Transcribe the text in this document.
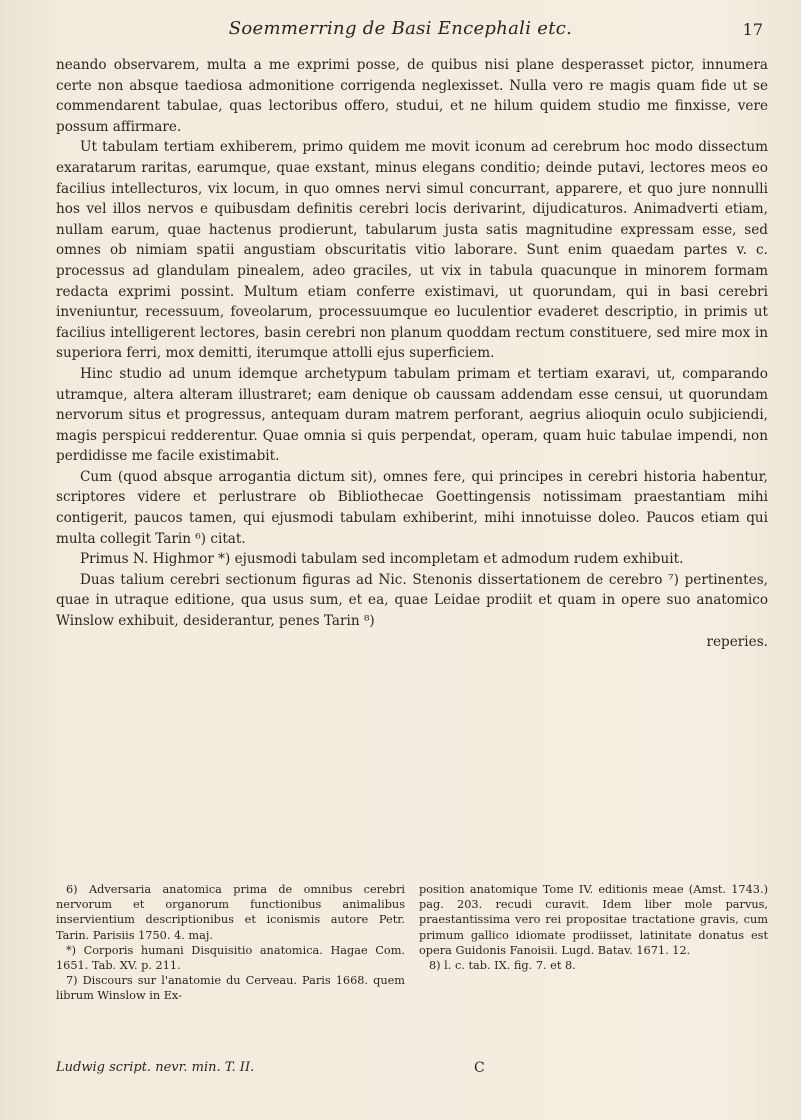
Soemmerring de Basi Encephali etc.	17

neando observarem, multa a me exprimi posse, de quibus nisi plane desperasset pictor, innumera certe non absque taediosa admonitione corrigenda neglexisset. Nulla vero re magis quam fide ut se commendarent tabulae, quas lectoribus offero, studui, et ne hilum quidem studio me finxisse, vere possum affirmare.

Ut tabulam tertiam exhiberem, primo quidem me movit iconum ad cerebrum hoc modo dissectum exaratarum raritas, earumque, quae exstant, minus elegans conditio; deinde putavi, lectores meos eo facilius intellecturos, vix locum, in quo omnes nervi simul concurrant, apparere, et quo jure nonnulli hos vel illos nervos e quibusdam definitis cerebri locis derivarint, dijudicaturos. Animadverti etiam, nullam earum, quae hactenus prodierunt, tabularum justa satis magnitudine expressam esse, sed omnes ob nimiam spatii angustiam obscuritatis vitio laborare. Sunt enim quaedam partes v. c. processus ad glandulam pinealem, adeo graciles, ut vix in tabula quacunque in minorem formam redacta exprimi possint. Multum etiam conferre existimavi, ut quorundam, qui in basi cerebri inveniuntur, recessuum, foveolarum, processuumque eo luculentior evaderet descriptio, in primis ut facilius intelligerent lectores, basin cerebri non planum quoddam rectum constituere, sed mire mox in superiora ferri, mox demitti, iterumque attolli ejus superficiem.

Hinc studio ad unum idemque archetypum tabulam primam et tertiam exaravi, ut, comparando utramque, altera alteram illustraret; eam denique ob caussam addendam esse censui, ut quorundam nervorum situs et progressus, antequam duram matrem perforant, aegrius alioquin oculo subjiciendi, magis perspicui redderentur. Quae omnia si quis perpendat, operam, quam huic tabulae impendi, non perdidisse me facile existimabit.

Cum (quod absque arrogantia dictum sit), omnes fere, qui principes in cerebri historia habentur, scriptores videre et perlustrare ob Bibliothecae Goettingensis notissimam praestantiam mihi contigerit, paucos tamen, qui ejusmodi tabulam exhiberint, mihi innotuisse doleo. Paucos etiam qui multa collegit Tarin ⁶) citat.

Primus N. Highmor *) ejusmodi tabulam sed incompletam et admodum rudem exhibuit.

Duas talium cerebri sectionum figuras ad Nic. Stenonis dissertationem de cerebro ⁷) pertinentes, quae in utraque editione, qua usus sum, et ea, quae Leidae prodiit et quam in opere suo anatomico Winslow exhibuit, desiderantur, penes Tarin ⁸)

reperies.

6) Adversaria anatomica prima de omnibus cerebri nervorum et organorum functionibus animalibus inservientium descriptionibus et iconismis autore Petr. Tarin. Parisiis 1750. 4. maj.

*) Corporis humani Disquisitio anatomica. Hagae Com. 1651. Tab. XV. p. 211.

7) Discours sur l'anatomie du Cerveau. Paris 1668. quem librum Winslow in Ex-

position anatomique Tome IV. editionis meae (Amst. 1743.) pag. 203. recudi curavit. Idem liber mole parvus, praestantissima vero rei propositae tractatione gravis, cum primum gallico idiomate prodiisset, latinitate donatus est opera Guidonis Fanoisii. Lugd. Batav. 1671. 12.

8) l. c. tab. IX. fig. 7. et 8.

Ludwig script. nevr. min. T. II.	C
